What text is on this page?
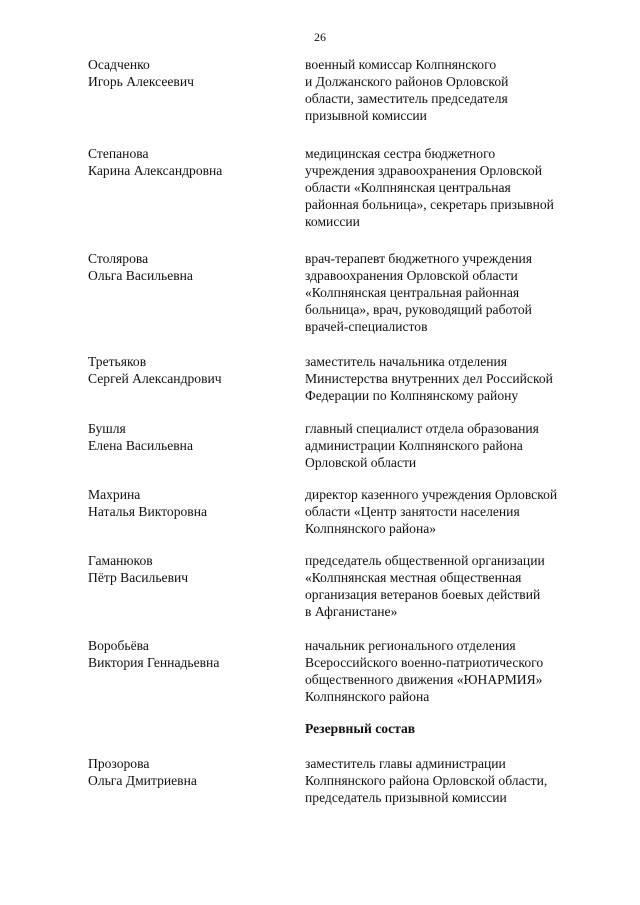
26
Осадченко
Игорь Алексеевич
военный комиссар Колпнянского
и Должанского районов Орловской
области, заместитель председателя
призывной комиссии
Степанова
Карина Александровна
медицинская сестра бюджетного
учреждения здравоохранения Орловской
области «Колпнянская центральная
районная больница», секретарь призывной
комиссии
Столярова
Ольга Васильевна
врач-терапевт бюджетного учреждения
здравоохранения Орловской области
«Колпнянская центральная районная
больница», врач, руководящий работой
врачей-специалистов
Третьяков
Сергей Александрович
заместитель начальника отделения
Министерства внутренних дел Российской
Федерации по Колпнянскому району
Бушля
Елена Васильевна
главный специалист отдела образования
администрации Колпнянского района
Орловской области
Махрина
Наталья Викторовна
директор казенного учреждения Орловской
области «Центр занятости населения
Колпнянского района»
Гаманюков
Пётр Васильевич
председатель общественной организации
«Колпнянская местная общественная
организация ветеранов боевых действий
в Афганистане»
Воробьёва
Виктория Геннадьевна
начальник регионального отделения
Всероссийского военно-патриотического
общественного движения «ЮНАРМИЯ»
Колпнянского района
Резервный состав
Прозорова
Ольга Дмитриевна
заместитель главы администрации
Колпнянского района Орловской области,
председатель призывной комиссии
